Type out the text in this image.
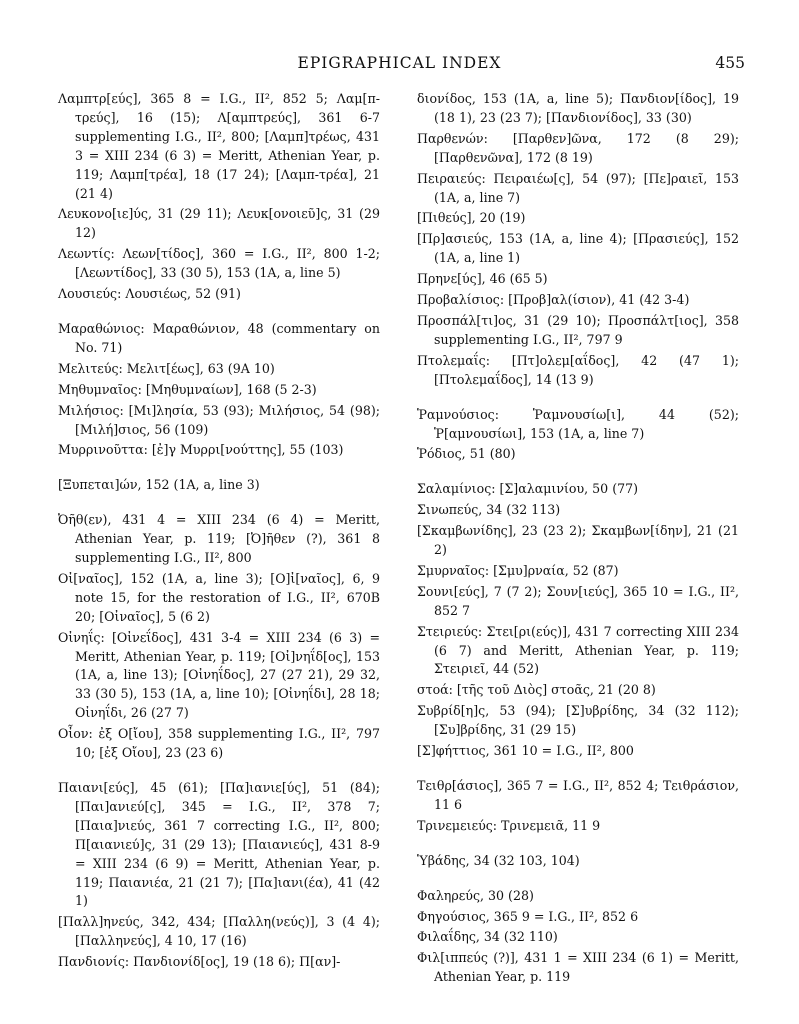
EPIGRAPHICAL INDEX	455
Λαμπτρ[εύς], 365 8 = I.G., II², 852 5; Λαμ[π-τρεύς], 16 (15); Λ[αμπτρεύς], 361 6-7 supplementing I.G., II², 800; [Λαμπ]τρέως, 431 3 = XIII 234 (6 3) = Meritt, Athenian Year, p. 119; Λαμπ[τρέα], 18 (17 24); [Λαμπ-τρέα], 21 (21 4)
Λευκονο[ιε]ύς, 31 (29 11); Λευκ[ονοιεῦ]ς, 31 (29 12)
Λεωντίς: Λεων[τίδος], 360 = I.G., II², 800 1-2; [Λεωντίδος], 33 (30 5), 153 (1A, a, line 5)
Λουσιεύς: Λουσιέως, 52 (91)
Μαραθώνιος: Μαραθώνιον, 48 (commentary on No. 71)
Μελιτεύς: Μελιτ[έως], 63 (9A 10)
Μηθυμναῖος: [Μηθυμναίων], 168 (5 2-3)
Μιλήσιος: [Μι]λησία, 53 (93); Μιλήσιος, 54 (98); [Μιλή]σιος, 56 (109)
Μυρρινοῦττα: [ἐ]γ Μυρρι[νούττης], 55 (103)
[Ξυπεται]ών, 152 (1A, a, line 3)
Ὀῆθ(εν), 431 4 = XIII 234 (6 4) = Meritt, Athenian Year, p. 119; [Ὀ]ῆθεν (?), 361 8 supplementing I.G., II², 800
Οἰ[ναῖος], 152 (1A, a, line 3); [Ο]ἰ[ναῖος], 6, 9 note 15, for the restoration of I.G., II², 670B 20; [Οἰναῖος], 5 (6 2)
Οἰνηΐς: [Οἰνεΐδος], 431 3-4 = XIII 234 (6 3) = Meritt, Athenian Year, p. 119; [Οἰ]νηΐδ[ος], 153 (1A, a, line 13); [Οἰνηΐδος], 27 (27 21), 29 32, 33 (30 5), 153 (1A, a, line 10); [Οἰνηΐδι], 28 18; Οἰνηΐδι, 26 (27 7)
Οἶον: ἐξ Ο[ἴου], 358 supplementing I.G., II², 797 10; [ἐξ Οἴου], 23 (23 6)
Παιανι[εύς], 45 (61); [Πα]ιανιε[ύς], 51 (84); [Παι]ανιεύ[ς], 345 = I.G., II², 378 7; [Παια]νιεύς, 361 7 correcting I.G., II², 800; Π[αιανιεύ]ς, 31 (29 13); [Παιανιεύς], 431 8-9 = XIII 234 (6 9) = Meritt, Athenian Year, p. 119; Παιανιέα, 21 (21 7); [Πα]ιανι(έα), 41 (42 1)
[Παλλ]ηνεύς, 342, 434; [Παλλη(νεύς)], 3 (4 4); [Παλληνεύς], 4 10, 17 (16)
Πανδιονίς: Πανδιονίδ[ος], 19 (18 6); Π[αν]-
διονίδος, 153 (1A, a, line 5); Πανδιον[ίδος], 19 (18 1), 23 (23 7); [Πανδιονίδος], 33 (30)
Παρθενών: [Παρθεν]ῶνα, 172 (8 29); [Παρθενῶνα], 172 (8 19)
Πειραιεύς: Πειραιέω[ς], 54 (97); [Πε]ραιεῖ, 153 (1A, a, line 7)
[Πιθεύς], 20 (19)
[Πρ]ασιεύς, 153 (1A, a, line 4); [Πρασιεύς], 152 (1A, a, line 1)
Πρηνε[ύς], 46 (65 5)
Προβαλίσιος: [Προβ]αλ(ίσιον), 41 (42 3-4)
Προσπάλ[τι]ος, 31 (29 10); Προσπάλτ[ιος], 358 supplementing I.G., II², 797 9
Πτολεμαΐς: [Πτ]ολεμ[αΐδος], 42 (47 1); [Πτολεμαΐδος], 14 (13 9)
Ῥαμνούσιος: Ῥαμνουσίω[ι], 44 (52); Ῥ[αμνουσίωι], 153 (1A, a, line 7)
Ῥόδιος, 51 (80)
Σαλαμίνιος: [Σ]αλαμινίου, 50 (77)
Σινωπεύς, 34 (32 113)
[Σκαμβωνίδης], 23 (23 2); Σκαμβων[ίδην], 21 (21 2)
Σμυρναῖος: [Σμυ]ρναία, 52 (87)
Σουνι[εύς], 7 (7 2); Σουν[ιεύς], 365 10 = I.G., II², 852 7
Στειριεύς: Στει[ρι(εύς)], 431 7 correcting XIII 234 (6 7) and Meritt, Athenian Year, p. 119; Στειριεῖ, 44 (52)
στοά: [τῆς τοῦ Διὸς] στοᾶς, 21 (20 8)
Συβρίδ[η]ς, 53 (94); [Σ]υβρίδης, 34 (32 112); [Συ]βρίδης, 31 (29 15)
[Σ]φήττιος, 361 10 = I.G., II², 800
Τειθρ[άσιος], 365 7 = I.G., II², 852 4; Τειθράσιον, 11 6
Τρινεμειεύς: Τρινεμειᾶ, 11 9
Ὑβάδης, 34 (32 103, 104)
Φαληρεύς, 30 (28)
Φηγούσιος, 365 9 = I.G., II², 852 6
Φιλαΐδης, 34 (32 110)
Φιλ[ιππεύς (?)], 431 1 = XIII 234 (6 1) = Meritt, Athenian Year, p. 119
